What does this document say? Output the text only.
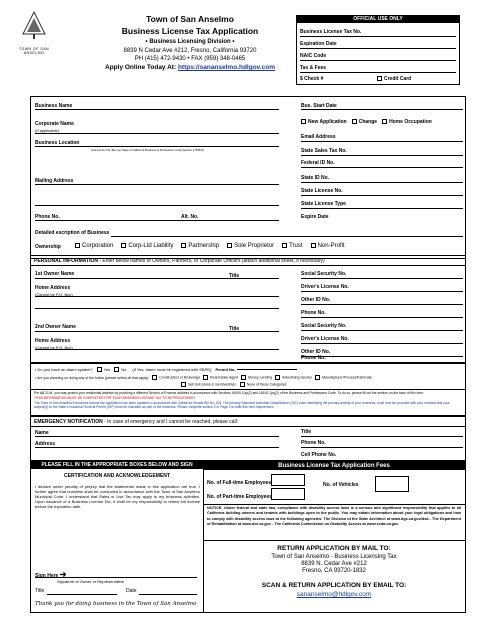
TOWN OF SAN ANSELMO
Town of San Anselmo
Business License Tax Application
• Business Licensing Division •
8839 N Cedar Ave #212, Fresno, California 93720
PH (415) 472-9430 • FAX (959) 348-0465
Apply Online Today At: https://sananselmo.hdlgov.com
OFFICIAL USE ONLY
Business License Tax No.
Expiration Date
NAIC Code
Tax & Fees
$ Check #	Credit Card
Business Name
Corporate Name
(If applicable)
Business Location
(Cannot be P.O. Box per State of California Business & Professions Code Section 17538.5)
Mailing Address
Phone No.	Alt. No.
Detailed escription of Business
Ownership	Corporation	Corp-Ltd Liability	Partnership	Sole Proprietor	Trust	Non-Profit
Bus. Start Date
New Application	Change	Home Occupation
Email Address
State Sales Tax No.
Federal ID No.
State ID No.
State License No.
State License Type
Expire Date
PERSONAL INFORMATION - Enter below names of Owners, Partners, or Corporate Officers (attach additional sheet, if necessary)
1st Owner Name	Title
Home Address
(Cannot be P.O. Box)
Social Security No.
Driver's License No.
Other ID No.
Phone No.
2nd Owner Name	Title
Home Address
(Cannot be P.O. Box)
Social Security No.
Driver's License No.
Other ID No.
Phone No.
• Do you have an alarm system?	Yes	No (If Yes, alarm must be registered with SBPD) Permit No.
• Are you planning on doing any of the follow (please select all that apply):	Construction or Brokerage	Real Estate Agent	Money Lending	Advertising Service	Manufacturer/Process/Fabricate
Sell club plans & memberships	None of these Categories
Per AB 2144, you may protect your residential address by providing a different Service of Process address in accordance with Sections 16005.1(a)(2) and 16100.1(a)(2) of the Business and Professions Code. To do so, please fill out the section on the back of this form.
*THIS INFORMATION MUST BE COMPLETED FOR YOUR BUSINESS LICENSE TAX TO BE PROCESSED*
The Town of San Anselmo's business license tax application has been updated in accordance with California Senate Bill No. 205. The primary Standard Industrial Classification (SIC) code identifying the primary activity of your business, must now be provided with your renewal and your subject(s) to the State's Industrial General Permit (IGP) must be indicated as part of the business. Please complete section 2 in Page 2 to fulfill this new requirement.
EMERGENCY NOTIFICATION - In case of emergency and I cannot be reached, please call:
Name
Address
Title
Phone No.
Cell Phone No.
PLEASE FILL IN THE APPROPRIATE BOXES BELOW AND SIGN
CERTIFICATION AND ACKNOWLEDGEMENT
I declare under penalty of perjury that the statements made in this application are true. I further agree that business shall be conducted in accordance with the Town of San Anselmo Municipal Code. I understand that Sales or Use Tax may apply to my business activities. Upon issuance of a Business License Tax, it shall be my responsibility to renew the license before the expiration date.
Sign Here ➔
Signature of Owner or Representative
Title	Date
Thank you for doing business in the Town of San Anselmo
Business License Tax Application Fees
No. of Full-time Employees
No. of Part-time Employees
No. of Vehicles
NOTICE: Under federal and state law, compliance with disability access laws is a serious and significant responsibility that applies to all California building owners and tenants with buildings open to the public. You may obtain information about your legal obligations and how to comply with disability access laws at the following agencies: The Division of the State Architect at www.dgs.ca.gov/dsa - The Department of Rehabilitation at www.dor.ca.gov - The California Commission on Disability Access at www.ccda.ca.gov
RETURN APPLICATION BY MAIL TO:
Town of San Anselmo - Business Licensing Tax
8839 N. Cedar Ave #212
Fresno, CA 93720-1832
SCAN & RETURN APPLICATION BY EMAIL TO:
sananselmo@hdlgov.com
